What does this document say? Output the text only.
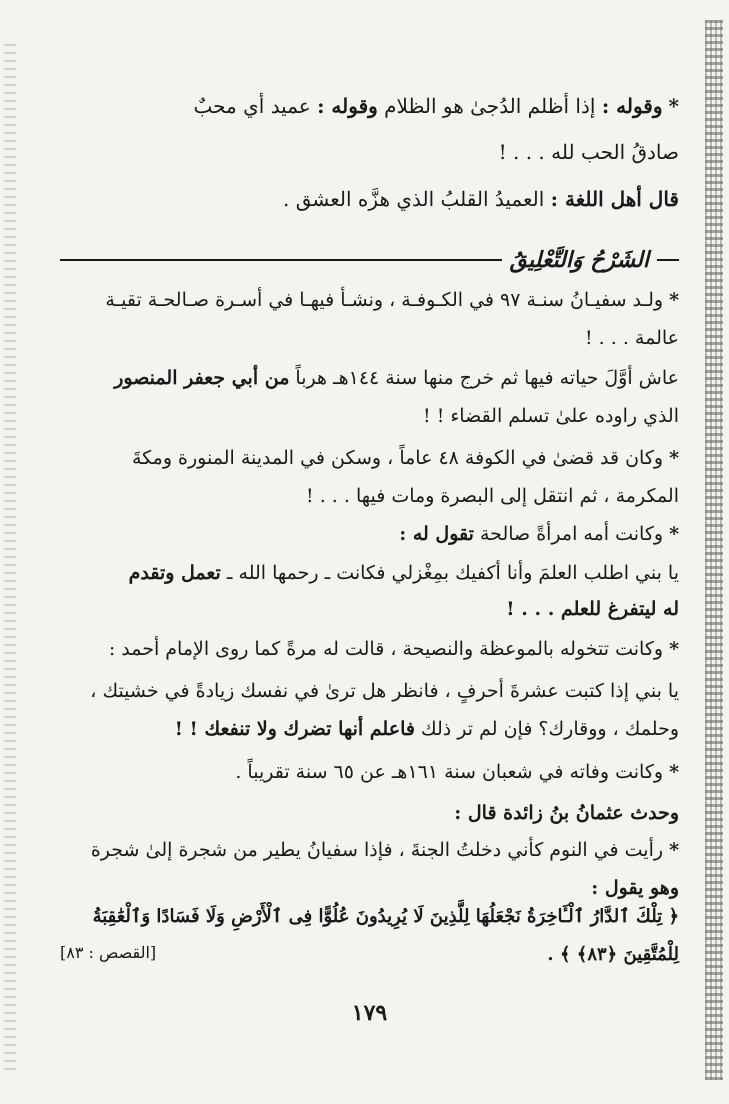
*وقوله : إذا أظلم الدُجىٰ هو الظلام وقوله : عميد أي محبٌ
صادقُ الحب لله . . . !
قال أهل اللغة : العميدُ القلبُ الذي هزَّه العشق .
الشَرْحُ وَالتَّعْلِيقُ
*ولـد سفيـانُ سنـة ٩٧ في الكـوفـة ، ونشـأ فيهـا في أسـرة صـالحـة تقيـة
عالمة . . . !
عاش أوَّلَ حياته فيها ثم خرج منها سنة ١٤٤هـ هرباً من أبي جعفر المنصور
الذي راوده علىٰ تسلم القضاء ! !
*وكان قد قضىٰ في الكوفة ٤٨ عاماً ، وسكن في المدينة المنورة ومكةَ
المكرمة ، ثم انتقل إلى البصرة ومات فيها . . . !
*وكانت أمه امرأةً صالحة تقول له :
يا بني اطلب العلمَ وأنا أكفيك بمِغْزلي فكانت ـ رحمها الله ـ تعمل وتقدم
له ليتفرغ للعلم . . . !
*وكانت تتخوله بالموعظة والنصيحة ، قالت له مرةً كما روى الإمام أحمد :
يا بني إذا كتبت عشرةَ أحرفٍ ، فانظر هل ترىٰ في نفسك زيادةً في خشيتك ،
وحلمك ، ووقارك؟ فإن لم تر ذلك فاعلم أنها تضرك ولا تنفعك ! !
*وكانت وفاته في شعبان سنة ١٦١هـ عن ٦٥ سنة تقريباً .
وحدث عثمانُ بنُ زائدة قال :
*رأيت في النوم كأني دخلتُ الجنةَ ، فإذا سفيانُ يطير من شجرة إلىٰ شجرة
وهو يقول :
﴿ تِلْكَ ٱلدَّارُ ٱلْـَٔاخِرَةُ نَجْعَلُهَا لِلَّذِينَ لَا يُرِيدُونَ عُلُوًّا فِى ٱلْأَرْضِ وَلَا فَسَادًا وَٱلْعَٰقِبَةُ
لِلْمُتَّقِينَ ﴿٨٣﴾ ﴾ .
[القصص : ٨٣]
١٧٩
